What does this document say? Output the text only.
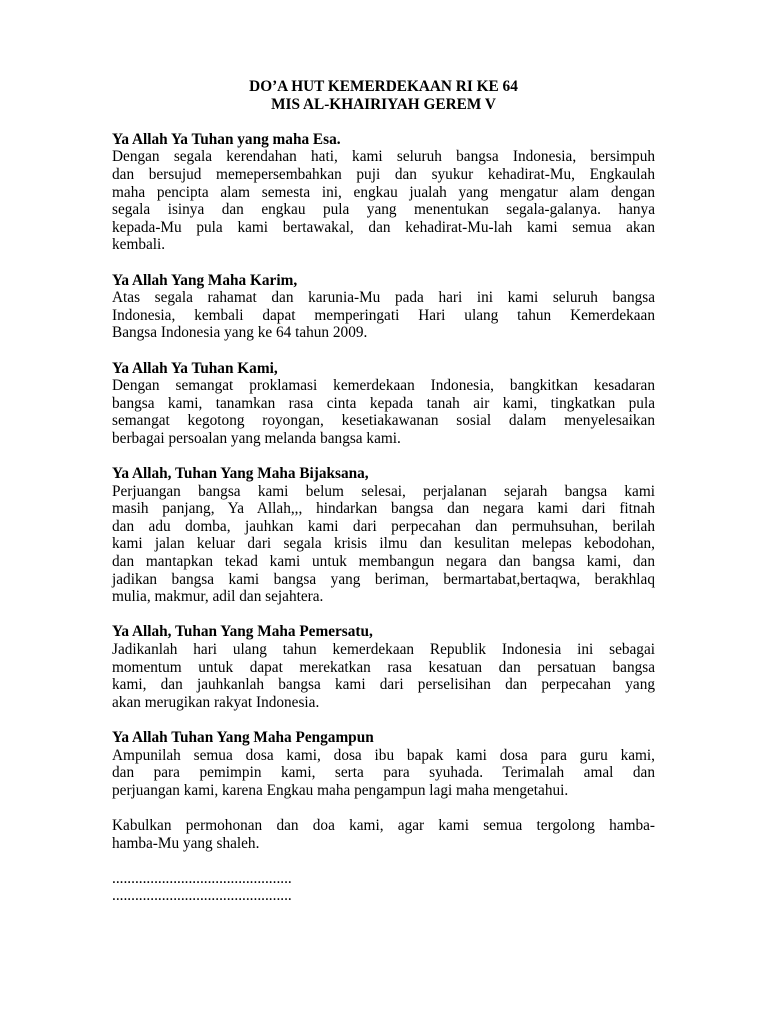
DO’A HUT KEMERDEKAAN RI KE 64

MIS AL-KHAIRIYAH GEREM V

Ya Allah Ya Tuhan yang maha Esa.

Dengan segala kerendahan hati, kami seluruh bangsa Indonesia, bersimpuh
dan bersujud memepersembahkan puji dan syukur kehadirat-Mu, Engkaulah
maha pencipta alam semesta ini, engkau jualah yang mengatur alam dengan
segala isinya dan engkau pula yang menentukan segala-galanya. hanya
kepada-Mu pula kami bertawakal, dan kehadirat-Mu-lah kami semua akan
kembali.

Ya Allah Yang Maha Karim,

Atas segala rahamat dan karunia-Mu pada hari ini kami seluruh bangsa
Indonesia, kembali dapat memperingati Hari ulang tahun Kemerdekaan
Bangsa Indonesia yang ke 64 tahun 2009.

Ya Allah Ya Tuhan Kami,

Dengan semangat proklamasi kemerdekaan Indonesia, bangkitkan kesadaran
bangsa kami, tanamkan rasa cinta kepada tanah air kami, tingkatkan pula
semangat kegotong royongan, kesetiakawanan sosial dalam menyelesaikan
berbagai persoalan yang melanda bangsa kami.

Ya Allah, Tuhan Yang Maha Bijaksana,

Perjuangan bangsa kami belum selesai, perjalanan sejarah bangsa kami
masih panjang, Ya Allah,,, hindarkan bangsa dan negara kami dari fitnah
dan adu domba, jauhkan kami dari perpecahan dan permuhsuhan, berilah
kami jalan keluar dari segala krisis ilmu dan kesulitan melepas kebodohan,
dan mantapkan tekad kami untuk membangun negara dan bangsa kami, dan
jadikan bangsa kami bangsa yang beriman, bermartabat,bertaqwa, berakhlaq
mulia, makmur, adil dan sejahtera.

Ya Allah, Tuhan Yang Maha Pemersatu,

Jadikanlah hari ulang tahun kemerdekaan Republik Indonesia ini sebagai
momentum untuk dapat merekatkan rasa kesatuan dan persatuan bangsa
kami, dan jauhkanlah bangsa kami dari perselisihan dan perpecahan yang
akan merugikan rakyat Indonesia.

Ya Allah Tuhan Yang Maha Pengampun

Ampunilah semua dosa kami, dosa ibu bapak kami dosa para guru kami,
dan para pemimpin kami, serta para syuhada. Terimalah amal dan
perjuangan kami, karena Engkau maha pengampun lagi maha mengetahui.

Kabulkan permohonan dan doa kami, agar kami semua tergolong hamba-
hamba-Mu yang shaleh.

...............................................

...............................................
